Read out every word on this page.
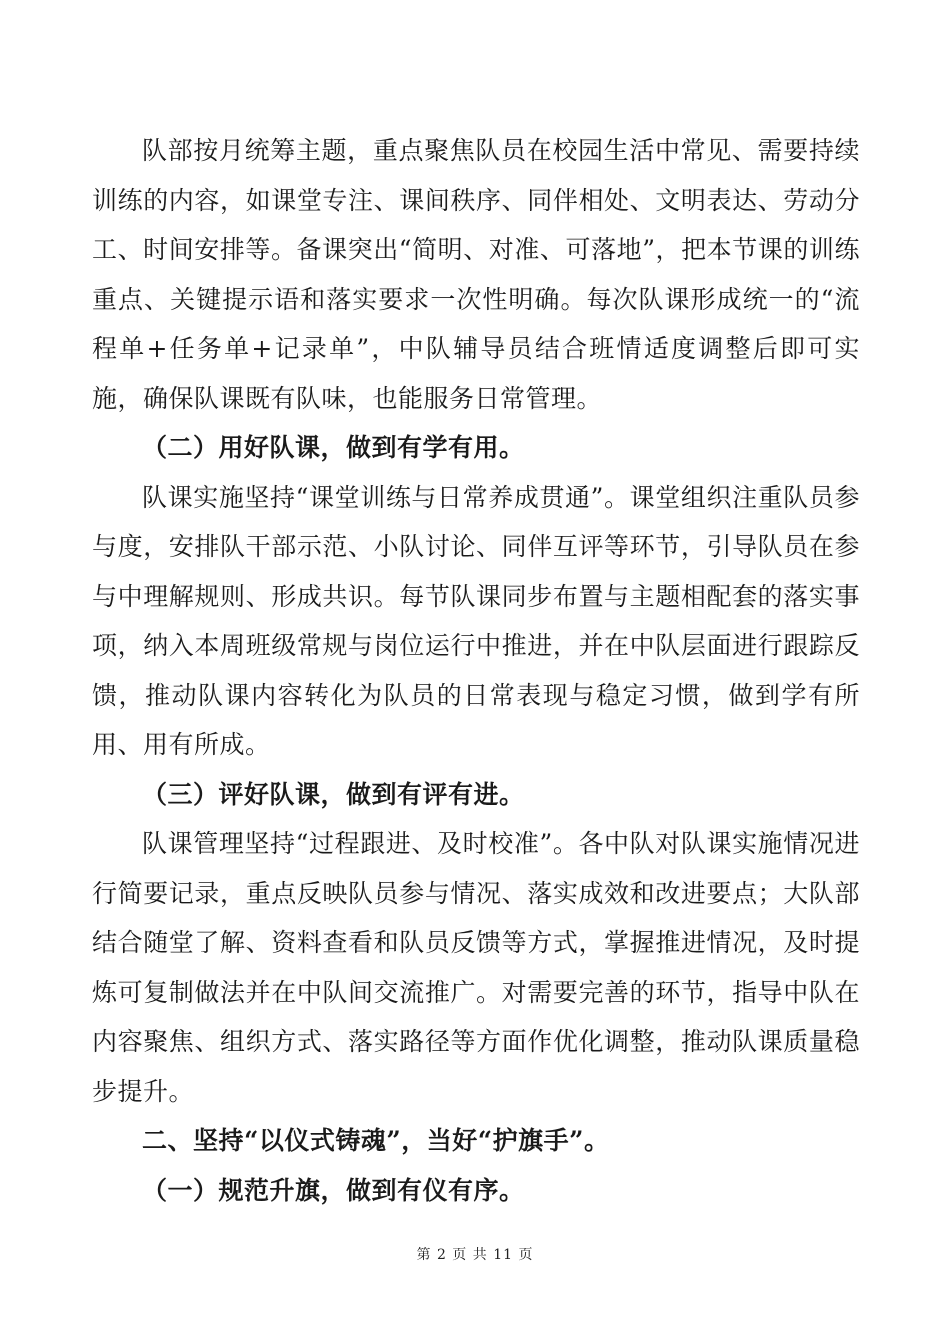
队部按月统筹主题，重点聚焦队员在校园生活中常见、需要持续训练的内容，如课堂专注、课间秩序、同伴相处、文明表达、劳动分工、时间安排等。备课突出“简明、对准、可落地”，把本节课的训练重点、关键提示语和落实要求一次性明确。每次队课形成统一的“流程单+任务单+记录单”，中队辅导员结合班情适度调整后即可实施，确保队课既有队味，也能服务日常管理。

（二）用好队课，做到有学有用。

队课实施坚持“课堂训练与日常养成贯通”。课堂组织注重队员参与度，安排队干部示范、小队讨论、同伴互评等环节，引导队员在参与中理解规则、形成共识。每节队课同步布置与主题相配套的落实事项，纳入本周班级常规与岗位运行中推进，并在中队层面进行跟踪反馈，推动队课内容转化为队员的日常表现与稳定习惯，做到学有所用、用有所成。

（三）评好队课，做到有评有进。

队课管理坚持“过程跟进、及时校准”。各中队对队课实施情况进行简要记录，重点反映队员参与情况、落实成效和改进要点；大队部结合随堂了解、资料查看和队员反馈等方式，掌握推进情况，及时提炼可复制做法并在中队间交流推广。对需要完善的环节，指导中队在内容聚焦、组织方式、落实路径等方面作优化调整，推动队课质量稳步提升。

二、坚持“以仪式铸魂”，当好“护旗手”。

（一）规范升旗，做到有仪有序。

第 2 页 共 11 页
